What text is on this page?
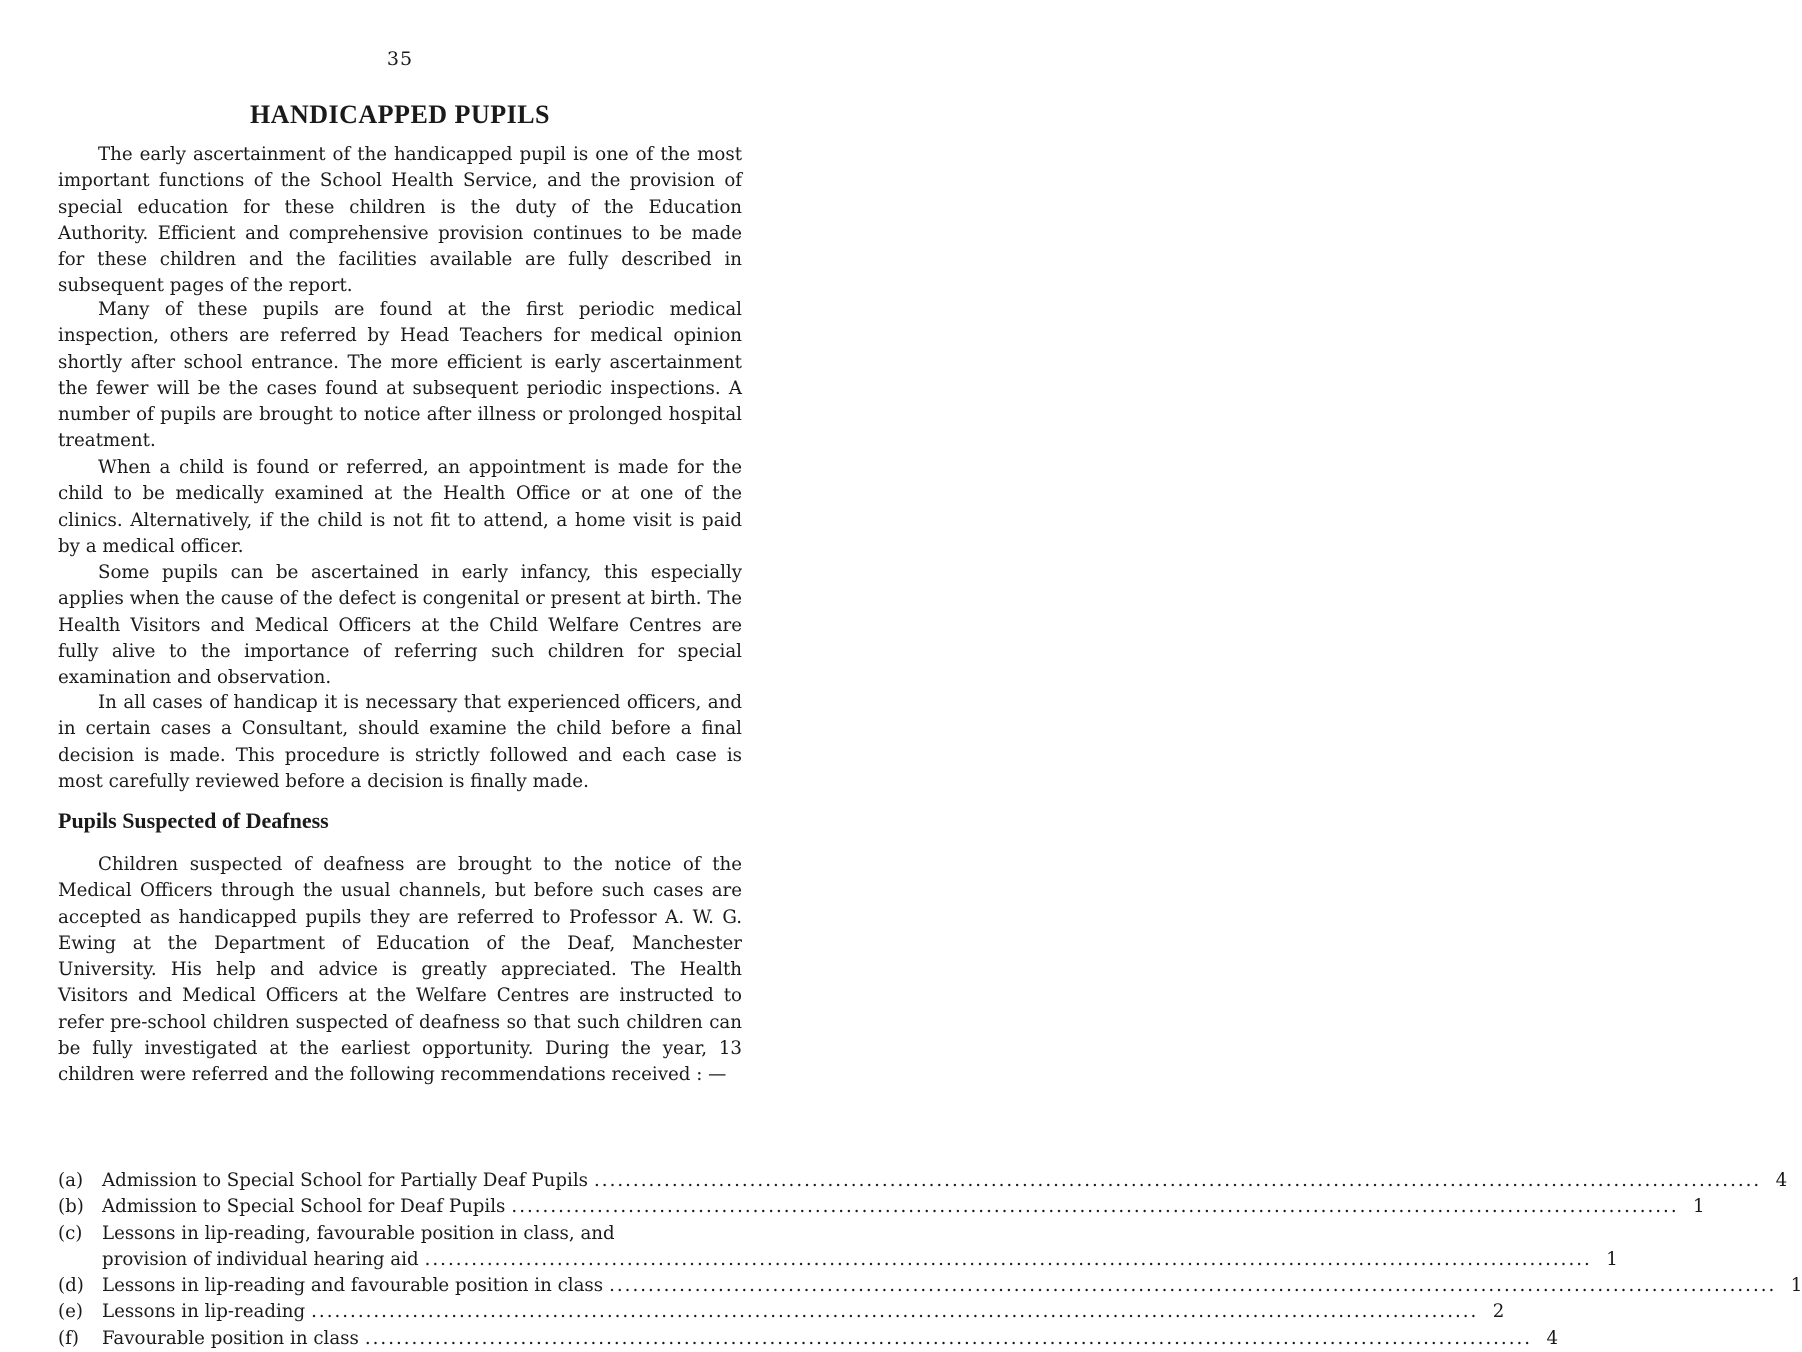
35
HANDICAPPED PUPILS

The early ascertainment of the handicapped pupil is one of the most important functions of the School Health Service, and the provision of special education for these children is the duty of the Education Authority. Efficient and comprehensive provision continues to be made for these children and the facilities available are fully described in subsequent pages of the report.

Many of these pupils are found at the first periodic medical inspection, others are referred by Head Teachers for medical opinion shortly after school entrance. The more efficient is early ascertainment the fewer will be the cases found at subsequent periodic inspections. A number of pupils are brought to notice after illness or prolonged hospital treatment.

When a child is found or referred, an appointment is made for the child to be medically examined at the Health Office or at one of the clinics. Alternatively, if the child is not fit to attend, a home visit is paid by a medical officer.

Some pupils can be ascertained in early infancy, this especially applies when the cause of the defect is congenital or present at birth. The Health Visitors and Medical Officers at the Child Welfare Centres are fully alive to the importance of referring such children for special examination and observation.

In all cases of handicap it is necessary that experienced officers, and in certain cases a Consultant, should examine the child before a final decision is made. This procedure is strictly followed and each case is most carefully reviewed before a decision is finally made.

Pupils Suspected of Deafness

Children suspected of deafness are brought to the notice of the Medical Officers through the usual channels, but before such cases are accepted as handicapped pupils they are referred to Professor A. W. G. Ewing at the Department of Education of the Deaf, Manchester University. His help and advice is greatly appreciated. The Health Visitors and Medical Officers at the Welfare Centres are instructed to refer pre-school children suspected of deafness so that such children can be fully investigated at the earliest opportunity. During the year, 13 children were referred and the following recommendations received : —

(a)	Admission to Special School for Partially Deaf Pupils .....	4
(b) Admission to Special School for Deaf Pupils .....	1
(c)	Lessons in lip-reading, favourable position in class, and
provision of individual hearing aid .....	1
(d) Lessons in lip-reading and favourable position in class .....	1
(e)	Lessons in lip-reading .....	2
(f)	Favourable position in class .....	4
